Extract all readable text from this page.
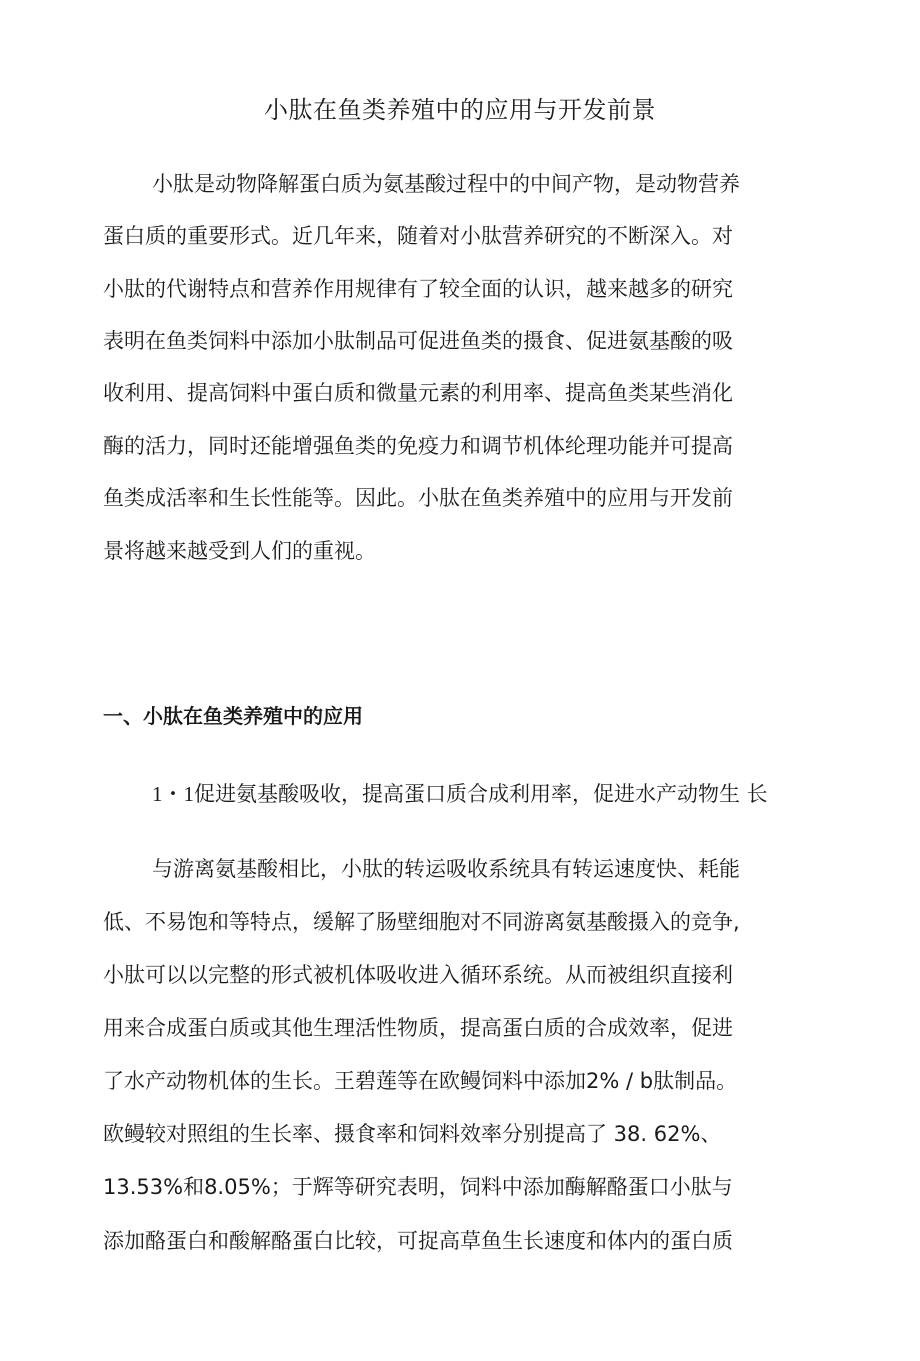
小肽在鱼类养殖中的应用与开发前景
小肽是动物降解蛋白质为氨基酸过程中的中间产物，是动物营养
蛋白质的重要形式。近几年来，随着对小肽营养研究的不断深入。对
小肽的代谢特点和营养作用规律有了较全面的认识，越来越多的研究
表明在鱼类饲料中添加小肽制品可促进鱼类的摄食、促进氨基酸的吸
收利用、提高饲料中蛋白质和微量元素的利用率、提高鱼类某些消化
酶的活力，同时还能增强鱼类的免疫力和调节机体纶理功能并可提高
鱼类成活率和生长性能等。因此。小肽在鱼类养殖中的应用与开发前
景将越来越受到人们的重视。
一、小肽在鱼类养殖中的应用
1・1促进氨基酸吸收，提高蛋口质合成利用率，促进水产动物生 长
与游离氨基酸相比，小肽的转运吸收系统具有转运速度快、耗能
低、不易饱和等特点，缓解了肠壁细胞对不同游离氨基酸摄入的竞争,
小肽可以以完整的形式被机体吸收进入循环系统。从而被组织直接利
用来合成蛋白质或其他生理活性物质，提高蛋白质的合成效率，促进
了水产动物机体的生长。王碧莲等在欧鳗饲料中添加2% / b肽制品。
欧鳗较对照组的生长率、摄食率和饲料效率分别提高了 38. 62%、
13.53%和8.05%；于辉等研究表明，饲料中添加酶解酪蛋口小肽与
添加酪蛋白和酸解酪蛋白比较，可捉高草鱼生长速度和体内的蛋白质
